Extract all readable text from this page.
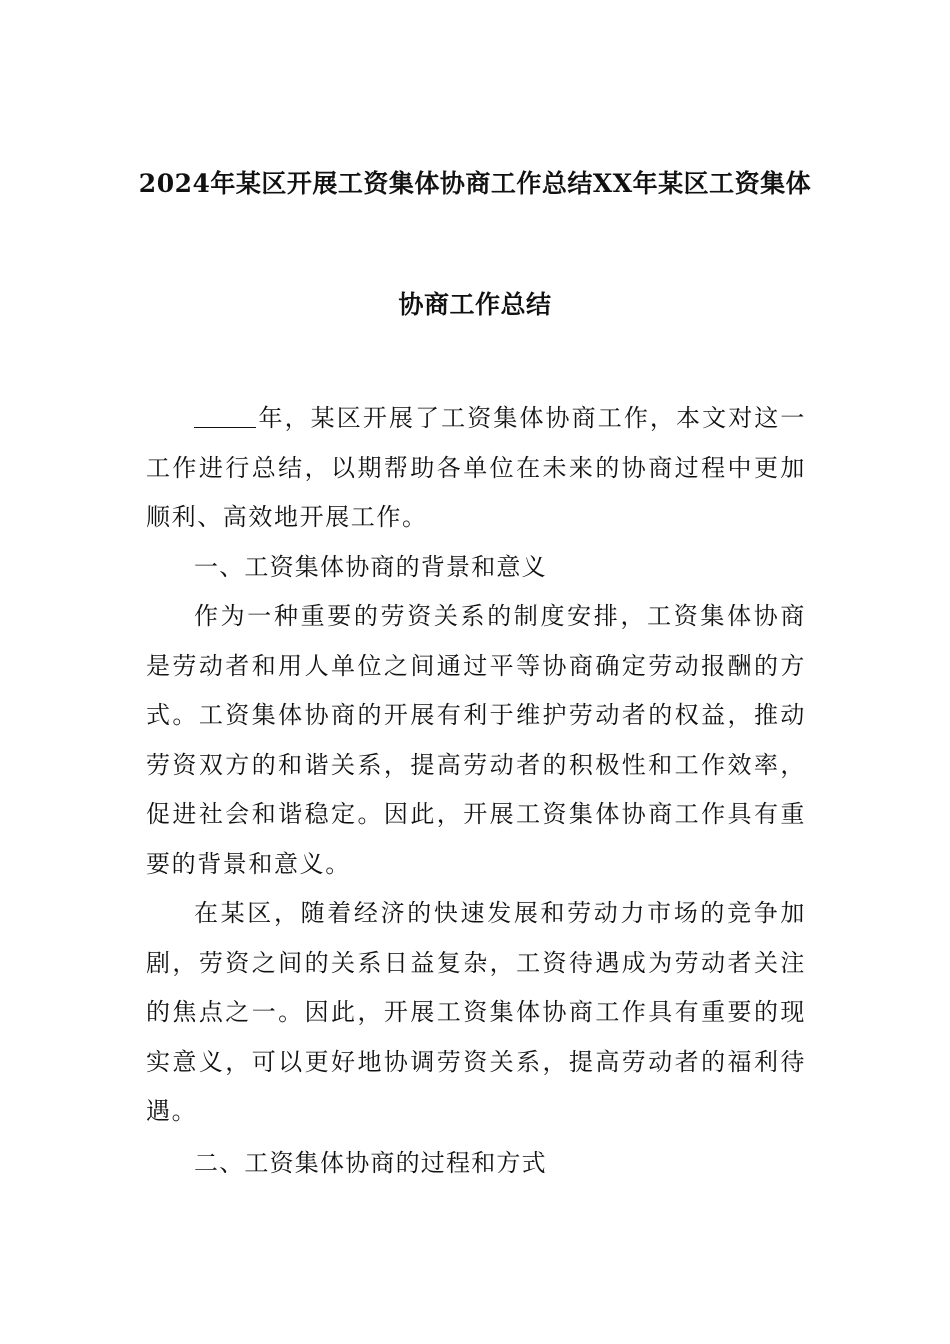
2024年某区开展工资集体协商工作总结XX年某区工资集体
协商工作总结

年，某区开展了工资集体协商工作，本文对这一工作进行总结，以期帮助各单位在未来的协商过程中更加顺利、高效地开展工作。

一、工资集体协商的背景和意义

作为一种重要的劳资关系的制度安排，工资集体协商是劳动者和用人单位之间通过平等协商确定劳动报酬的方式。工资集体协商的开展有利于维护劳动者的权益，推动劳资双方的和谐关系，提高劳动者的积极性和工作效率，促进社会和谐稳定。因此，开展工资集体协商工作具有重要的背景和意义。

在某区，随着经济的快速发展和劳动力市场的竞争加剧，劳资之间的关系日益复杂，工资待遇成为劳动者关注的焦点之一。因此，开展工资集体协商工作具有重要的现实意义，可以更好地协调劳资关系，提高劳动者的福利待遇。

二、工资集体协商的过程和方式
